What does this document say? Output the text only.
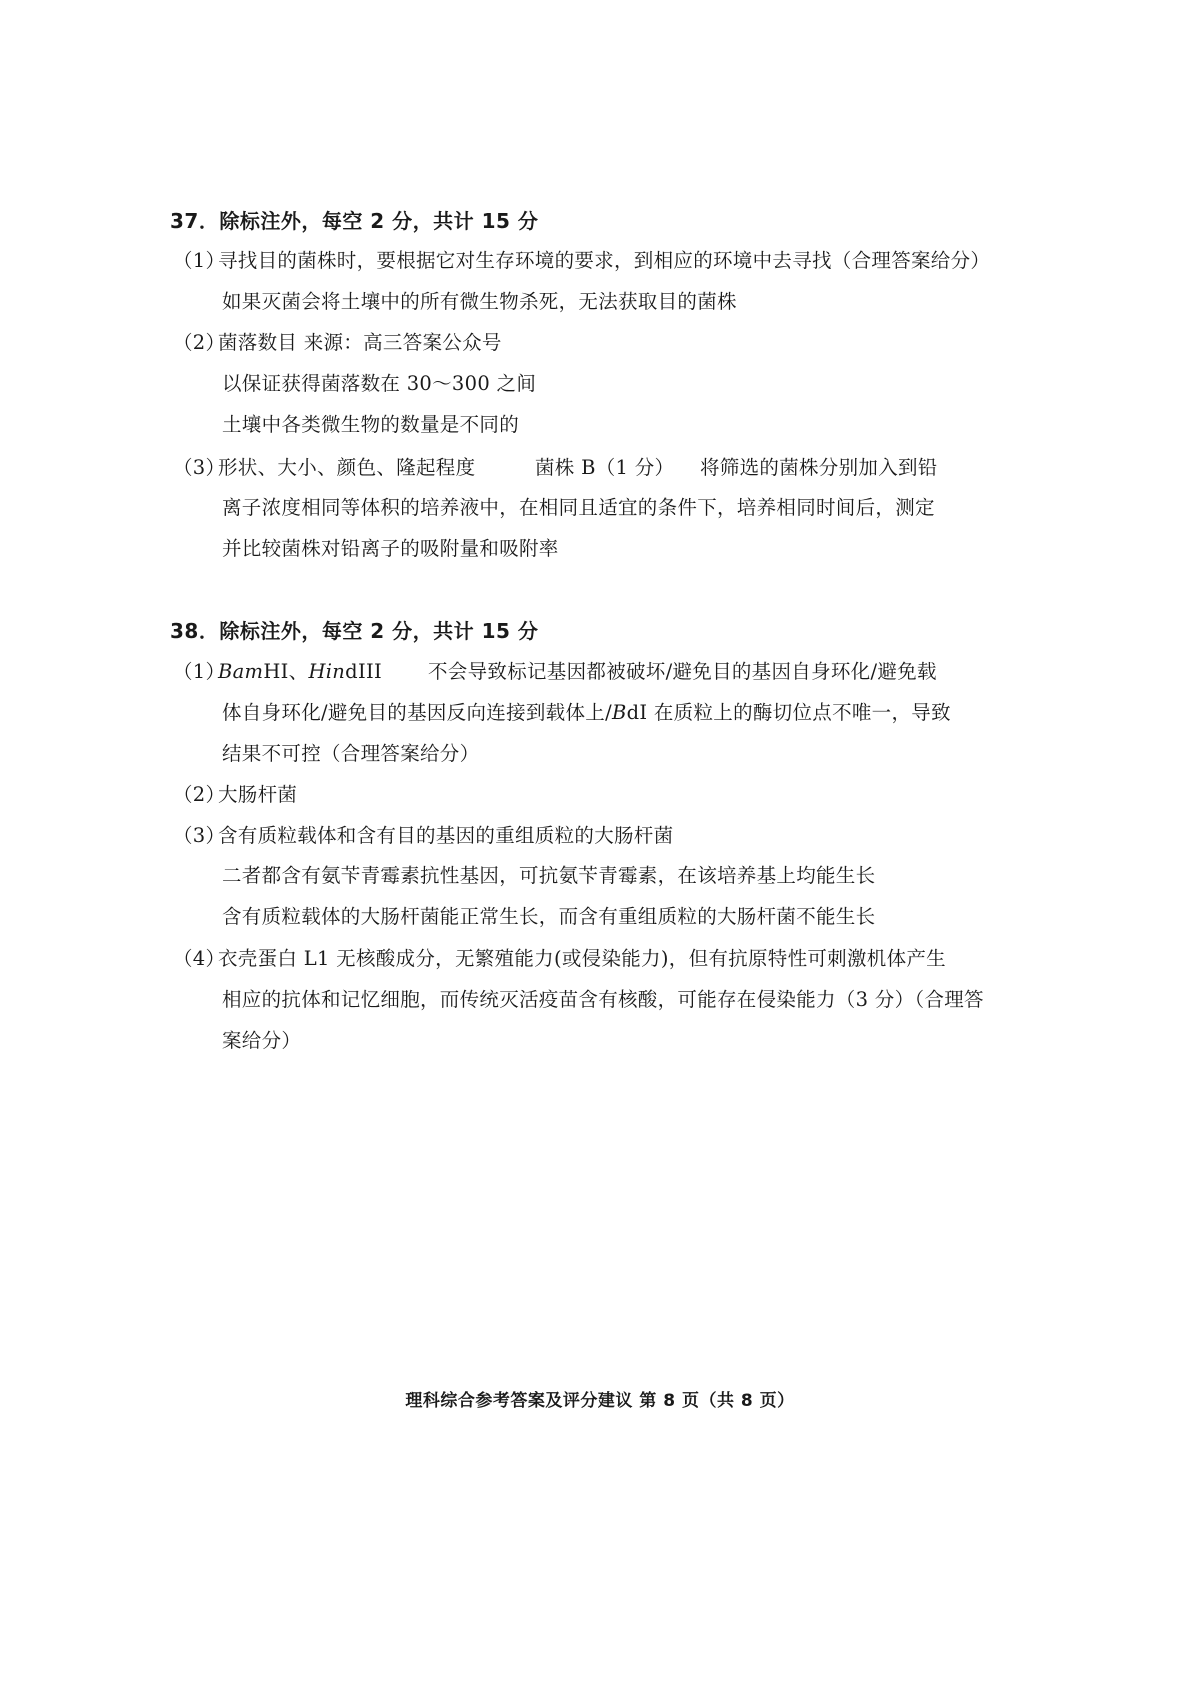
37．除标注外，每空 2 分，共计 15 分
（1）
寻找目的菌株时，要根据它对生存环境的要求，到相应的环境中去寻找（合理答案给分）
如果灭菌会将土壤中的所有微生物杀死，无法获取目的菌株
（2）
菌落数目 来源：高三答案公众号
以保证获得菌落数在 30～300 之间
土壤中各类微生物的数量是不同的
（3）
形状、大小、颜色、隆起程度	菌株 B（1 分） 将筛选的菌株分别加入到铅
离子浓度相同等体积的培养液中，在相同且适宜的条件下，培养相同时间后，测定
并比较菌株对铅离子的吸附量和吸附率
38．除标注外，每空 2 分，共计 15 分
（1）
BamHI、HindIII 不会导致标记基因都被破坏/避免目的基因自身环化/避免载
体自身环化/避免目的基因反向连接到载体上/BdI 在质粒上的酶切位点不唯一，导致
结果不可控（合理答案给分）
（2）
大肠杆菌
（3）
含有质粒载体和含有目的基因的重组质粒的大肠杆菌
二者都含有氨苄青霉素抗性基因，可抗氨苄青霉素，在该培养基上均能生长
含有质粒载体的大肠杆菌能正常生长，而含有重组质粒的大肠杆菌不能生长
（4）
衣壳蛋白 L1 无核酸成分，无繁殖能力(或侵染能力)，但有抗原特性可刺激机体产生
相应的抗体和记忆细胞，而传统灭活疫苗含有核酸，可能存在侵染能力（3 分）（合理答
案给分）
理科综合参考答案及评分建议 第 8 页（共 8 页）
